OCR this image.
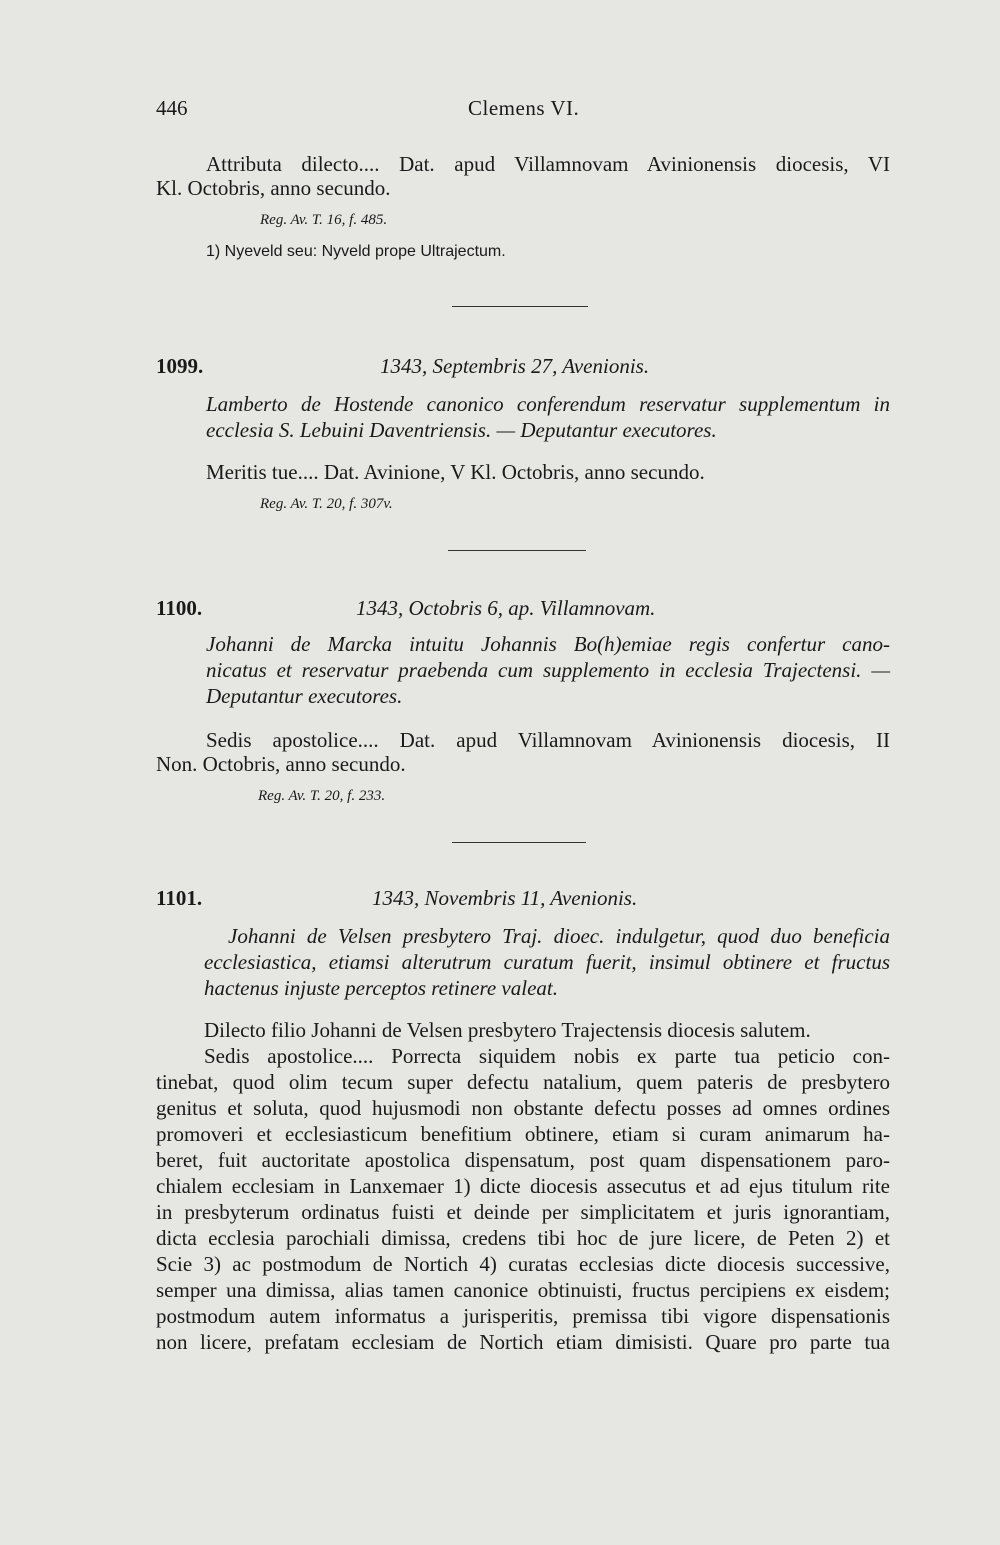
446	Clemens VI.
Attributa dilecto.... Dat. apud Villamnovam Avinionensis diocesis, VI
Kl. Octobris, anno secundo.
Reg. Av. T. 16, f. 485.
1) Nyeveld seu: Nyveld prope Ultrajectum.
1099.	1343, Septembris 27, Avenionis.
Lamberto de Hostende canonico conferendum reservatur supplementum in
ecclesia S. Lebuini Daventriensis. — Deputantur executores.
Meritis tue.... Dat. Avinione, V Kl. Octobris, anno secundo.
Reg. Av. T. 20, f. 307v.
1100.	1343, Octobris 6, ap. Villamnovam.
Johanni de Marcka intuitu Johannis Bo(h)emiae regis confertur cano-
nicatus et reservatur praebenda cum supplemento in ecclesia Trajectensi. —
Deputantur executores.
Sedis apostolice.... Dat. apud Villamnovam Avinionensis diocesis, II
Non. Octobris, anno secundo.
Reg. Av. T. 20, f. 233.
1101.	1343, Novembris 11, Avenionis.
Johanni de Velsen presbytero Traj. dioec. indulgetur, quod duo beneficia
ecclesiastica, etiamsi alterutrum curatum fuerit, insimul obtinere et fructus
hactenus injuste perceptos retinere valeat.
Dilecto filio Johanni de Velsen presbytero Trajectensis diocesis salutem.
Sedis apostolice.... Porrecta siquidem nobis ex parte tua peticio con-
tinebat, quod olim tecum super defectu natalium, quem pateris de presbytero
genitus et soluta, quod hujusmodi non obstante defectu posses ad omnes ordines
promoveri et ecclesiasticum benefitium obtinere, etiam si curam animarum ha-
beret, fuit auctoritate apostolica dispensatum, post quam dispensationem paro-
chialem ecclesiam in Lanxemaer 1) dicte diocesis assecutus et ad ejus titulum rite
in presbyterum ordinatus fuisti et deinde per simplicitatem et juris ignorantiam,
dicta ecclesia parochiali dimissa, credens tibi hoc de jure licere, de Peten 2) et
Scie 3) ac postmodum de Nortich 4) curatas ecclesias dicte diocesis successive,
semper una dimissa, alias tamen canonice obtinuisti, fructus percipiens ex eisdem;
postmodum autem informatus a jurisperitis, premissa tibi vigore dispensationis
non licere, prefatam ecclesiam de Nortich etiam dimisisti. Quare pro parte tua
